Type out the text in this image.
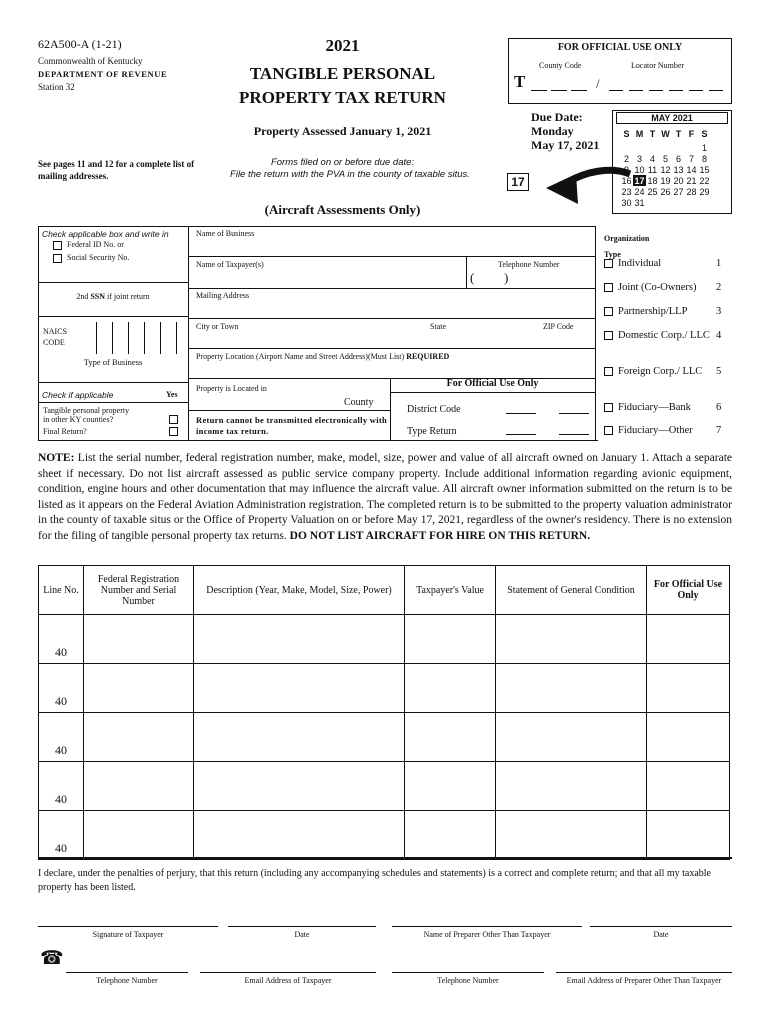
62A500-A (1-21)
Commonwealth of Kentucky
DEPARTMENT OF REVENUE
Station 32
2021
TANGIBLE PERSONAL
PROPERTY TAX RETURN
Property Assessed January 1, 2021
See pages 11 and 12 for a complete list of mailing addresses.
Forms filed on or before due date:
File the return with the PVA in the county of taxable situs.
(Aircraft Assessments Only)
FOR OFFICIAL USE ONLY
County Code	Locator Number
T	/
Due Date:
Monday
May 17, 2021
17
MAY 2021
S	M	T	W	T	F	S

						1
2	3	4	5	6	7	8
9	10	11	12	13	14	15
16	17	18	19	20	21	22
23	24	25	26	27	28	29
30	31					
Check applicable box and write in
Federal ID No. or
Social Security No.
2nd SSN if joint return
NAICS
CODE
Type of Business
Check if applicable	Yes
Tangible personal property
in other KY counties?
Final Return?
Name of Business
Name of Taxpayer(s)	Telephone Number
( )
Mailing Address
City or Town	State	ZIP Code
Property Location (Airport Name and Street Address)(Must List) REQUIRED
Property is Located in
County
Return cannot be transmitted electronically with income tax return.
For Official Use Only
District Code
Type Return
Organization
Type
Individual	1
Joint (Co-Owners) 2
Partnership/LLP	3
Domestic Corp./ LLC 4
Foreign Corp./ LLC 5
Fiduciary—Bank 6
Fiduciary—Other 7
NOTE: List the serial number, federal registration number, make, model, size, power and value of all aircraft owned on January 1. Attach a separate sheet if necessary. Do not list aircraft assessed as public service company property. Include additional information regarding avionic equipment, condition, engine hours and other documentation that may influence the aircraft value. All aircraft owner information submitted on the return is to be listed as it appears on the Federal Aviation Administration registration. The completed return is to be submitted to the property valuation administrator in the county of taxable situs or the Office of Property Valuation on or before May 17, 2021, regardless of the owner's residency. There is no extension for the filing of tangible personal property tax returns. DO NOT LIST AIRCRAFT FOR HIRE ON THIS RETURN.
Line No.	Federal Registration Number and Serial Number	Description (Year, Make, Model, Size, Power)	Taxpayer's Value	Statement of General Condition	For Official Use Only
40					
40					
40					
40					
40					
I declare, under the penalties of perjury, that this return (including any accompanying schedules and statements) is a correct and complete return; and that all my taxable property has been listed.
Signature of Taxpayer	Date	Name of Preparer Other Than Taxpayer	Date
☎
Telephone Number	Email Address of Taxpayer	Telephone Number	Email Address of Preparer Other Than Taxpayer
